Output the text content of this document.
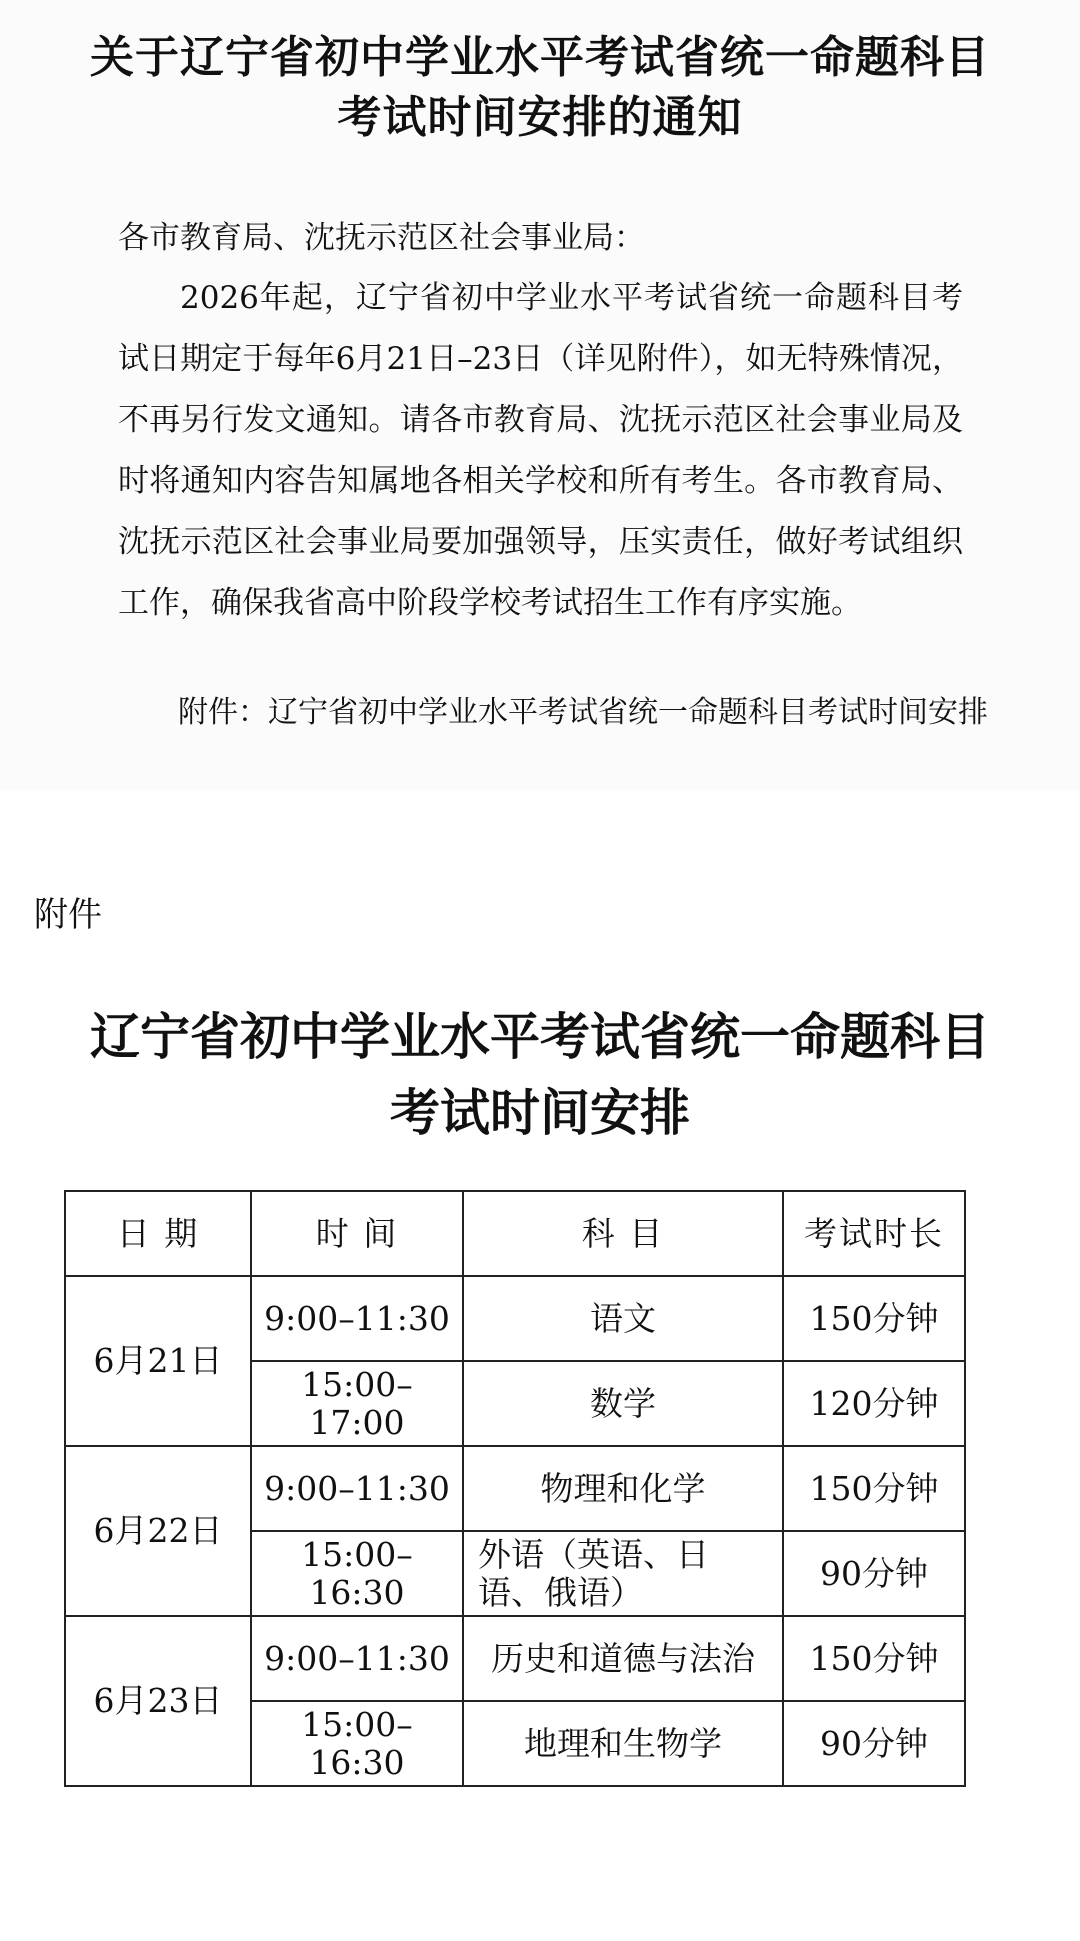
关于辽宁省初中学业水平考试省统一命题科目
考试时间安排的通知
各市教育局、沈抚示范区社会事业局：

2026年起，辽宁省初中学业水平考试省统一命题科目考试日期定于每年6月21日–23日（详见附件），如无特殊情况，不再另行发文通知。请各市教育局、沈抚示范区社会事业局及时将通知内容告知属地各相关学校和所有考生。各市教育局、沈抚示范区社会事业局要加强领导，压实责任，做好考试组织工作，确保我省高中阶段学校考试招生工作有序实施。

附件：辽宁省初中学业水平考试省统一命题科目考试时间安排
附件
辽宁省初中学业水平考试省统一命题科目
考试时间安排
日 期	时 间	科 目	考试时长
6月21日	9:00–11:30	语文	150分钟
	15:00–17:00	数学	120分钟
6月22日	9:00–11:30	物理和化学	150分钟
	15:00–16:30	外语（英语、日语、俄语）	90分钟
6月23日	9:00–11:30	历史和道德与法治	150分钟
	15:00–16:30	地理和生物学	90分钟
